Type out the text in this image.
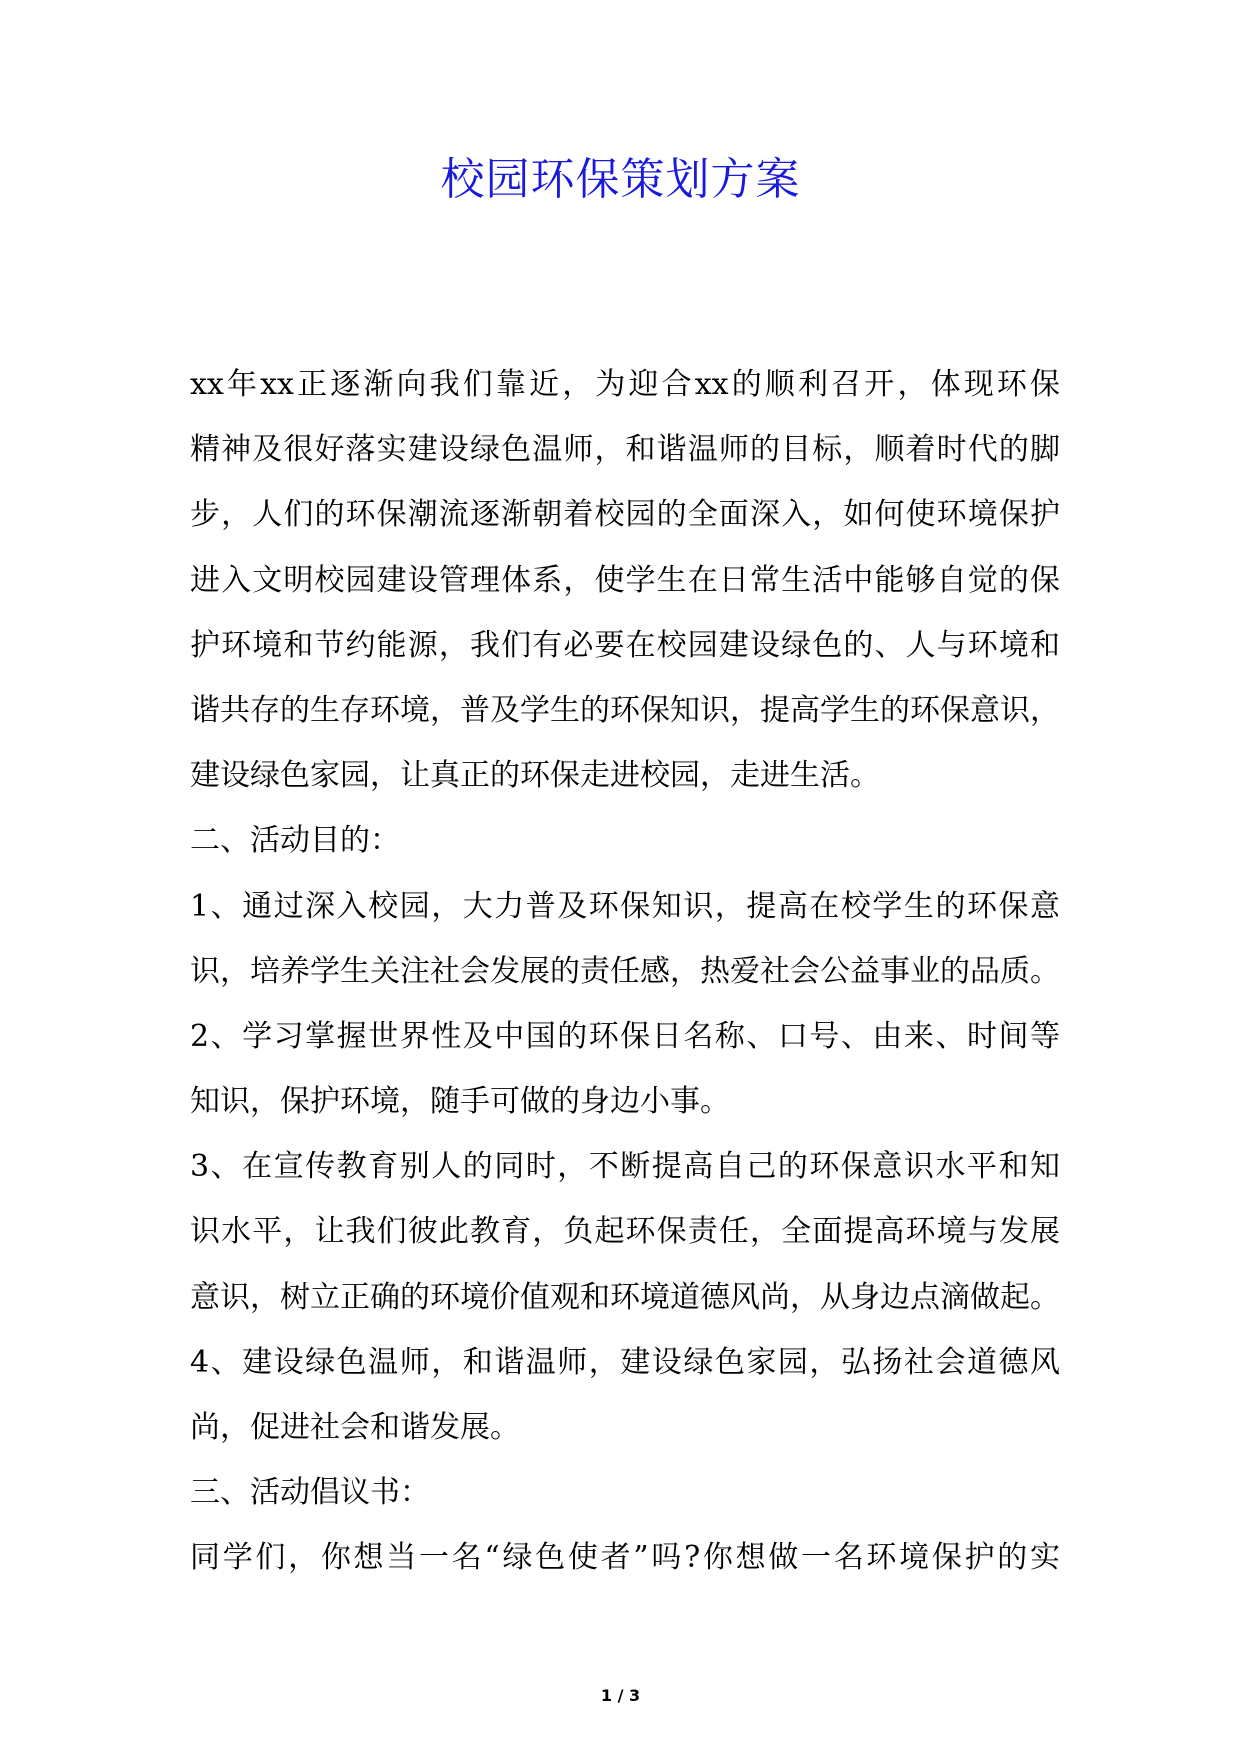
校园环保策划方案
xx年xx正逐渐向我们靠近，为迎合xx的顺利召开，体现环保
精神及很好落实建设绿色温师，和谐温师的目标，顺着时代的脚
步，人们的环保潮流逐渐朝着校园的全面深入，如何使环境保护
进入文明校园建设管理体系，使学生在日常生活中能够自觉的保
护环境和节约能源，我们有必要在校园建设绿色的、人与环境和
谐共存的生存环境，普及学生的环保知识，提高学生的环保意识，
建设绿色家园，让真正的环保走进校园，走进生活。
二、活动目的：
1、通过深入校园，大力普及环保知识，提高在校学生的环保意
识，培养学生关注社会发展的责任感，热爱社会公益事业的品质。
2、学习掌握世界性及中国的环保日名称、口号、由来、时间等
知识，保护环境，随手可做的身边小事。
3、在宣传教育别人的同时，不断提高自己的环保意识水平和知
识水平，让我们彼此教育，负起环保责任，全面提高环境与发展
意识，树立正确的环境价值观和环境道德风尚，从身边点滴做起。
4、建设绿色温师，和谐温师，建设绿色家园，弘扬社会道德风
尚，促进社会和谐发展。
三、活动倡议书：
同学们，你想当一名“绿色使者”吗?你想做一名环境保护的实
1 / 3
